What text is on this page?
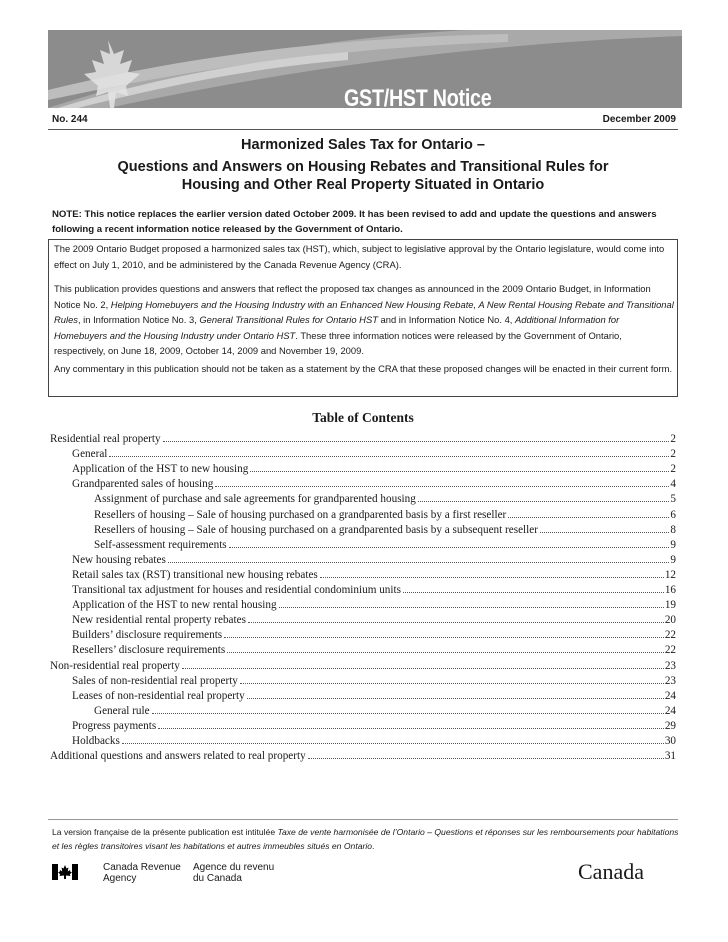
GST/HST Notice
No. 244	December 2009
Harmonized Sales Tax for Ontario –
Questions and Answers on Housing Rebates and Transitional Rules for Housing and Other Real Property Situated in Ontario
NOTE: This notice replaces the earlier version dated October 2009. It has been revised to add and update the questions and answers following a recent information notice released by the Government of Ontario.

The 2009 Ontario Budget proposed a harmonized sales tax (HST), which, subject to legislative approval by the Ontario legislature, would come into effect on July 1, 2010, and be administered by the Canada Revenue Agency (CRA).

This publication provides questions and answers that reflect the proposed tax changes as announced in the 2009 Ontario Budget, in Information Notice No. 2, Helping Homebuyers and the Housing Industry with an Enhanced New Housing Rebate, A New Rental Housing Rebate and Transitional Rules, in Information Notice No. 3, General Transitional Rules for Ontario HST and in Information Notice No. 4, Additional Information for Homebuyers and the Housing Industry under Ontario HST. These three information notices were released by the Government of Ontario, respectively, on June 18, 2009, October 14, 2009 and November 19, 2009.

Any commentary in this publication should not be taken as a statement by the CRA that these proposed changes will be enacted in their current form.

Table of Contents
Residential real property	2
General	2
Application of the HST to new housing	2
Grandparented sales of housing	4
Assignment of purchase and sale agreements for grandparented housing	5
Resellers of housing – Sale of housing purchased on a grandparented basis by a first reseller	6
Resellers of housing – Sale of housing purchased on a grandparented basis by a subsequent reseller	8
Self-assessment requirements	9
New housing rebates	9
Retail sales tax (RST) transitional new housing rebates	12
Transitional tax adjustment for houses and residential condominium units	16
Application of the HST to new rental housing	19
New residential rental property rebates	20
Builders’ disclosure requirements	22
Resellers’ disclosure requirements	22
Non-residential real property	23
Sales of non-residential real property	23
Leases of non-residential real property	24
General rule	24
Progress payments	29
Holdbacks	30
Additional questions and answers related to real property	31
La version française de la présente publication est intitulée Taxe de vente harmonisée de l’Ontario – Questions et réponses sur les remboursements pour habitations et les règles transitoires visant les habitations et autres immeubles situés en Ontario.
Canada Revenue
Agency
Agence du revenu
du Canada	Canada
